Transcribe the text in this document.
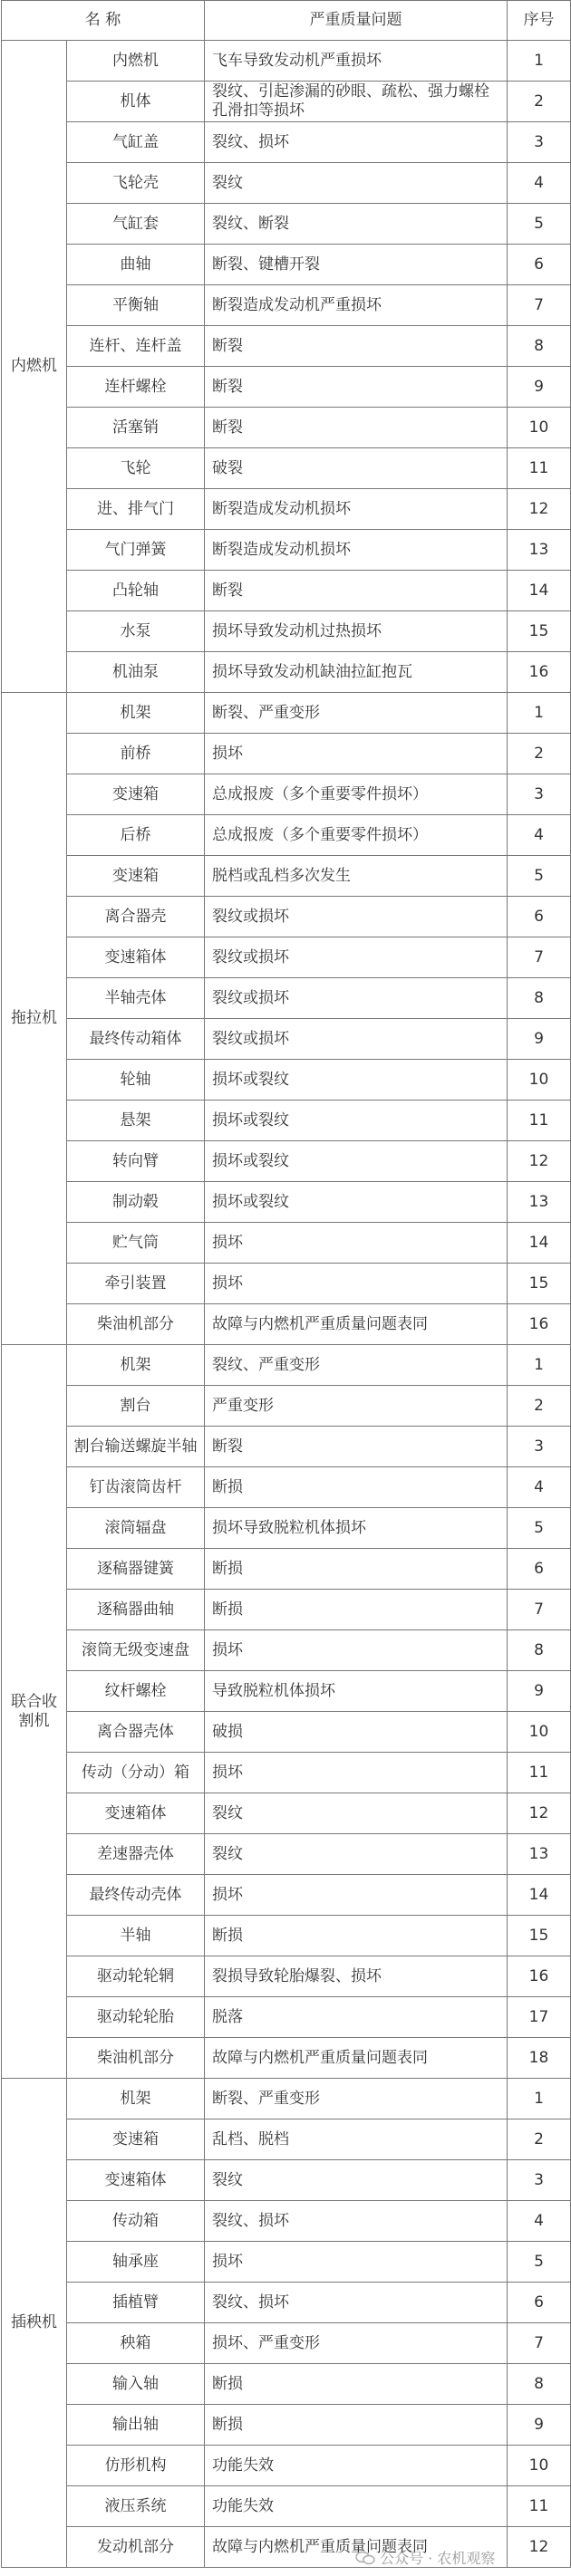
名 称		严重质量问题	序号
内燃机	内燃机	飞车导致发动机严重损坏	1
	机体	裂纹、引起渗漏的砂眼、疏松、强力螺栓孔滑扣等损坏	2
	气缸盖	裂纹、损坏	3
	飞轮壳	裂纹	4
	气缸套	裂纹、断裂	5
	曲轴	断裂、键槽开裂	6
	平衡轴	断裂造成发动机严重损坏	7
	连杆、连杆盖	断裂	8
	连杆螺栓	断裂	9
	活塞销	断裂	10
	飞轮	破裂	11
	进、排气门	断裂造成发动机损坏	12
	气门弹簧	断裂造成发动机损坏	13
	凸轮轴	断裂	14
	水泵	损坏导致发动机过热损坏	15
	机油泵	损坏导致发动机缺油拉缸抱瓦	16
拖拉机	机架	断裂、严重变形	1
	前桥	损坏	2
	变速箱	总成报废（多个重要零件损坏）	3
	后桥	总成报废（多个重要零件损坏）	4
	变速箱	脱档或乱档多次发生	5
	离合器壳	裂纹或损坏	6
	变速箱体	裂纹或损坏	7
	半轴壳体	裂纹或损坏	8
	最终传动箱体	裂纹或损坏	9
	轮轴	损坏或裂纹	10
	悬架	损坏或裂纹	11
	转向臂	损坏或裂纹	12
	制动毂	损坏或裂纹	13
	贮气筒	损坏	14
	牵引装置	损坏	15
	柴油机部分	故障与内燃机严重质量问题表同	16
联合收割机	机架	裂纹、严重变形	1
	割台	严重变形	2
	割台输送螺旋半轴	断裂	3
	钉齿滚筒齿杆	断损	4
	滚筒辐盘	损坏导致脱粒机体损坏	5
	逐稿器键簧	断损	6
	逐稿器曲轴	断损	7
	滚筒无级变速盘	损坏	8
	纹杆螺栓	导致脱粒机体损坏	9
	离合器壳体	破损	10
	传动（分动）箱	损坏	11
	变速箱体	裂纹	12
	差速器壳体	裂纹	13
	最终传动壳体	损坏	14
	半轴	断损	15
	驱动轮轮辋	裂损导致轮胎爆裂、损坏	16
	驱动轮轮胎	脱落	17
	柴油机部分	故障与内燃机严重质量问题表同	18
插秧机	机架	断裂、严重变形	1
	变速箱	乱档、脱档	2
	变速箱体	裂纹	3
	传动箱	裂纹、损坏	4
	轴承座	损坏	5
	插植臂	裂纹、损坏	6
	秧箱	损坏、严重变形	7
	输入轴	断损	8
	输出轴	断损	9
	仿形机构	功能失效	10
	液压系统	功能失效	11
	发动机部分	故障与内燃机严重质量问题表同	12
公众号 · 农机观察
